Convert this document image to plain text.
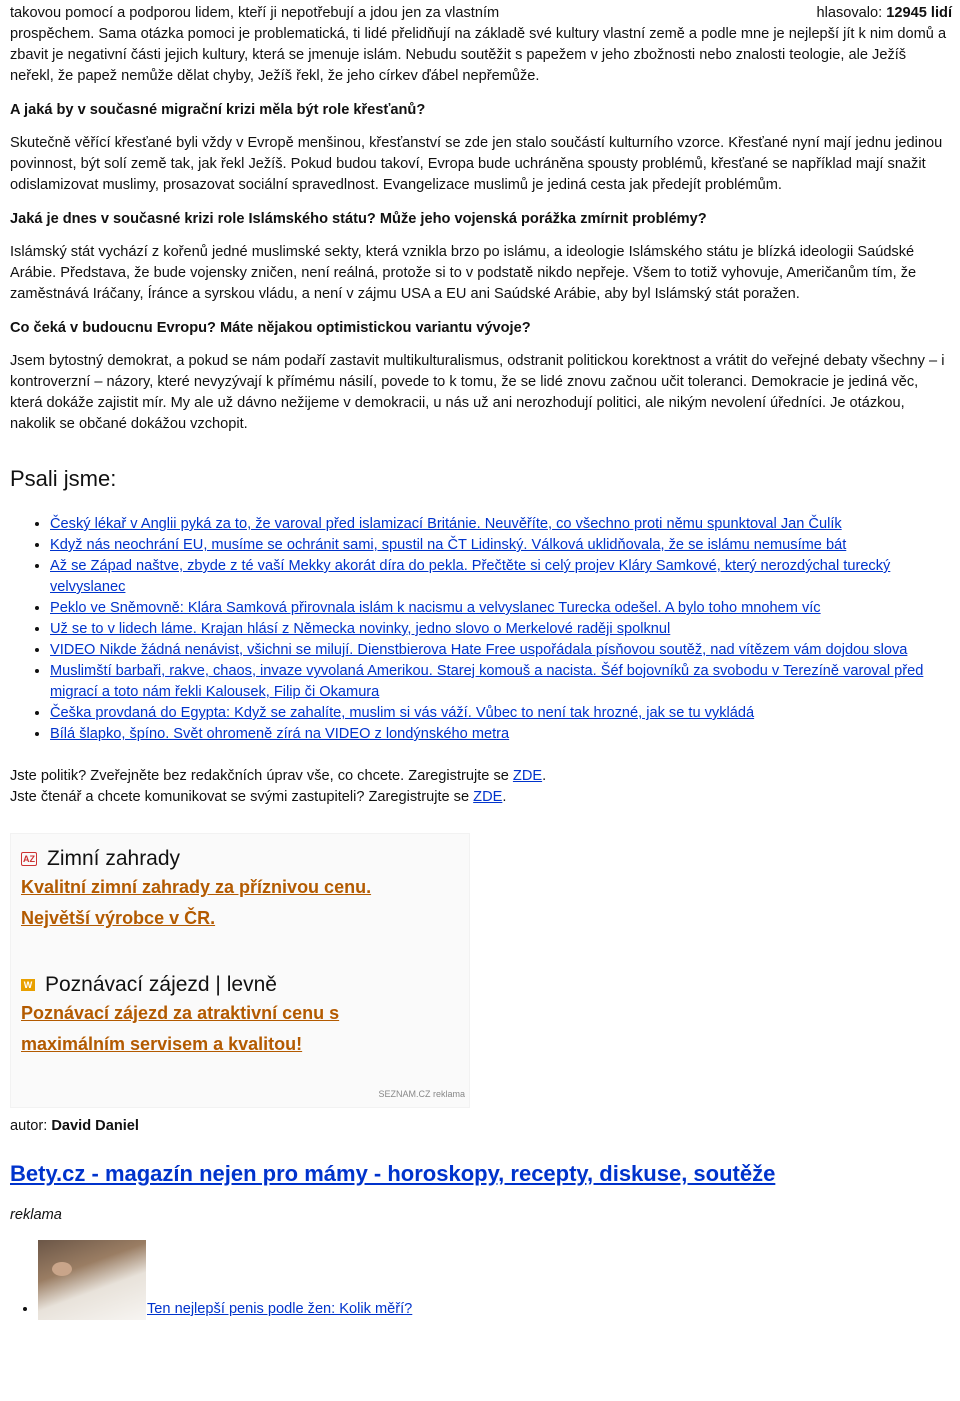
takovou pomocí a podporou lidem, kteří ji nepotřebují a jdou jen za vlastním	hlasovalo: 12945 lidí

prospěchem. Sama otázka pomoci je problematická, ti lidé přelidňují na základě své kultury vlastní země a podle mne je nejlepší jít k nim domů a zbavit je negativní části jejich kultury, která se jmenuje islám. Nebudu soutěžit s papežem v jeho zbožnosti nebo znalosti teologie, ale Ježíš neřekl, že papež nemůže dělat chyby, Ježíš řekl, že jeho církev ďábel nepřemůže.

A jaká by v současné migrační krizi měla být role křesťanů?

Skutečně věřící křesťané byli vždy v Evropě menšinou, křesťanství se zde jen stalo součástí kulturního vzorce. Křesťané nyní mají jednu jedinou povinnost, být solí země tak, jak řekl Ježíš. Pokud budou takoví, Evropa bude uchráněna spousty problémů, křesťané se například mají snažit odislamizovat muslimy, prosazovat sociální spravedlnost. Evangelizace muslimů je jediná cesta jak předejít problémům.

Jaká je dnes v současné krizi role Islámského státu? Může jeho vojenská porážka zmírnit problémy?

Islámský stát vychází z kořenů jedné muslimské sekty, která vznikla brzo po islámu, a ideologie Islámského státu je blízká ideologii Saúdské Arábie. Představa, že bude vojensky zničen, není reálná, protože si to v podstatě nikdo nepřeje. Všem to totiž vyhovuje, Američanům tím, že zaměstnává Iráčany, Íránce a syrskou vládu, a není v zájmu USA a EU ani Saúdské Arábie, aby byl Islámský stát poražen.

Co čeká v budoucnu Evropu? Máte nějakou optimistickou variantu vývoje?

Jsem bytostný demokrat, a pokud se nám podaří zastavit multikulturalismus, odstranit politickou korektnost a vrátit do veřejné debaty všechny – i kontroverzní – názory, které nevyzývají k přímému násilí, povede to k tomu, že se lidé znovu začnou učit toleranci. Demokracie je jediná věc, která dokáže zajistit mír. My ale už dávno nežijeme v demokracii, u nás už ani nerozhodují politici, ale nikým nevolení úředníci. Je otázkou, nakolik se občané dokážou vzchopit.

Psali jsme:
• Český lékař v Anglii pyká za to, že varoval před islamizací Británie. Neuvěříte, co všechno proti němu spunktoval Jan Čulík
• Když nás neochrání EU, musíme se ochránit sami, spustil na ČT Lidinský. Válková uklidňovala, že se islámu nemusíme bát
• Až se Západ naštve, zbyde z té vaší Mekky akorát díra do pekla. Přečtěte si celý projev Kláry Samkové, který nerozdýchal turecký velvyslanec
• Peklo ve Sněmovně: Klára Samková přirovnala islám k nacismu a velvyslanec Turecka odešel. A bylo toho mnohem víc
• Už se to v lidech láme. Krajan hlásí z Německa novinky, jedno slovo o Merkelové raději spolknul
• VIDEO Nikde žádná nenávist, všichni se milují. Dienstbierova Hate Free uspořádala písňovou soutěž, nad vítězem vám dojdou slova
• Muslimští barbaři, rakve, chaos, invaze vyvolaná Amerikou. Starej komouš a nacista. Šéf bojovníků za svobodu v Terezíně varoval před migrací a toto nám řekli Kalousek, Filip či Okamura
• Češka provdaná do Egypta: Když se zahalíte, muslim si vás váží. Vůbec to není tak hrozné, jak se tu vykládá
• Bílá šlapko, špíno. Svět ohromeně zírá na VIDEO z londýnského metra
Jste politik? Zveřejněte bez redakčních úprav vše, co chcete. Zaregistrujte se ZDE.
Jste čtenář a chcete komunikovat se svými zastupiteli? Zaregistrujte se ZDE.
AZ Zimní zahrady
Kvalitní zimní zahrady za příznivou cenu.
Největší výrobce v ČR.
W Poznávací zájezd | levně
Poznávací zájezd za atraktivní cenu s
maximálním servisem a kvalitou!
SEZNAM.CZ reklama
autor: David Daniel
Bety.cz - magazín nejen pro mámy - horoskopy, recepty, diskuse, soutěže
reklama
• Ten nejlepší penis podle žen: Kolik měří?
